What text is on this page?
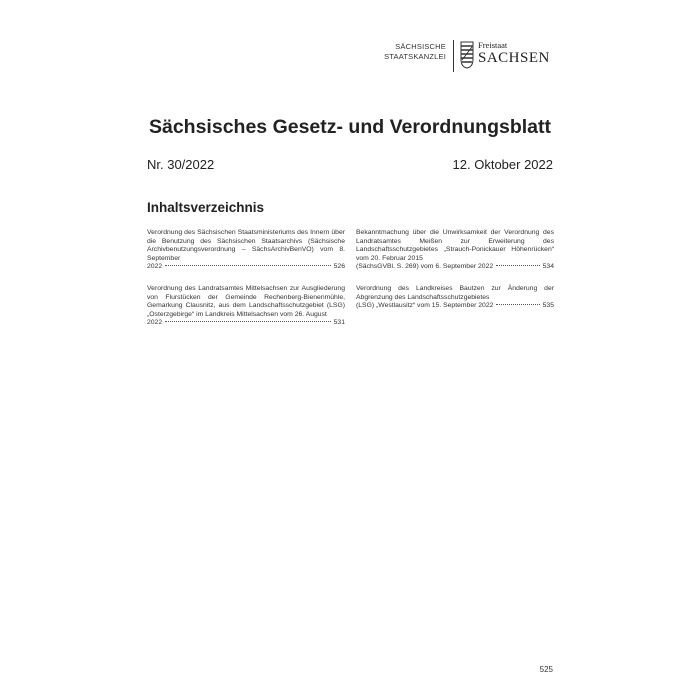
SÄCHSISCHE
STAATSKANZLEI
Freistaat
SACHSEN
Sächsisches Gesetz- und Verordnungsblatt
Nr. 30/2022	12. Oktober 2022
Inhaltsverzeichnis
Verordnung des Sächsischen Staatsministeriums des Innern über die Benutzung des Sächsischen Staatsarchivs (Sächsische Archivbenutzungsverordnung – SächsArchivBenVO) vom 8. September
2022	526
Verordnung des Landratsamtes Mittelsachsen zur Ausgliederung von Flurstücken der Gemeinde Rechenberg-Bienenmühle, Gemarkung Clausnitz, aus dem Landschaftsschutzgebiet (LSG) „Osterzgebirge“ im Landkreis Mittelsachsen vom 26. August
2022	531
Bekanntmachung über die Unwirksamkeit der Verordnung des Landratsamtes Meißen zur Erweiterung des Landschaftsschutzgebietes „Strauch-Ponickauer Höhenrücken“ vom 20. Februar 2015
(SächsGVBl. S. 269) vom 6. September 2022	534
Verordnung des Landkreises Bautzen zur Änderung der Abgrenzung des Landschaftsschutzgebietes
(LSG) „Westlausitz“ vom 15. September 2022	535
525
